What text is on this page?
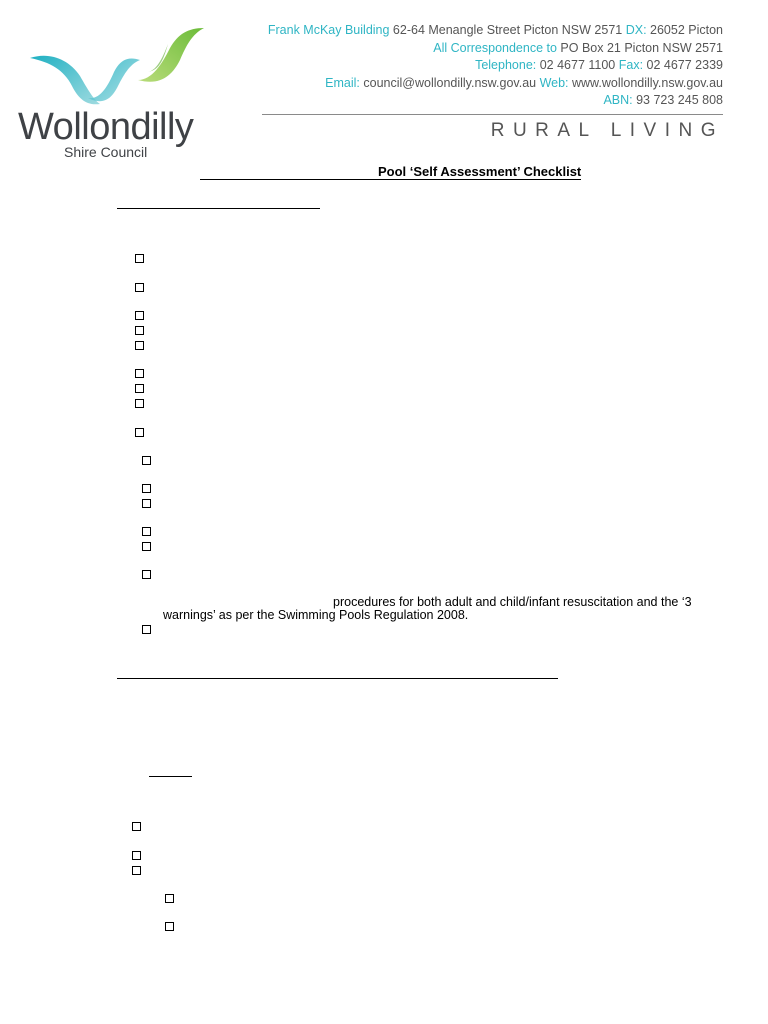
Wollondilly
Shire Council
Frank McKay Building 62-64 Menangle Street Picton NSW 2571 DX: 26052 Picton
All Correspondence to PO Box 21 Picton NSW 2571
Telephone: 02 4677 1100 Fax: 02 4677 2339
Email: council@wollondilly.nsw.gov.au Web: www.wollondilly.nsw.gov.au
ABN: 93 723 245 808
RURAL LIVING
Pool ‘Self Assessment’ Checklist
procedures for both adult and child/infant resuscitation and the ‘3
warnings’ as per the Swimming Pools Regulation 2008.
